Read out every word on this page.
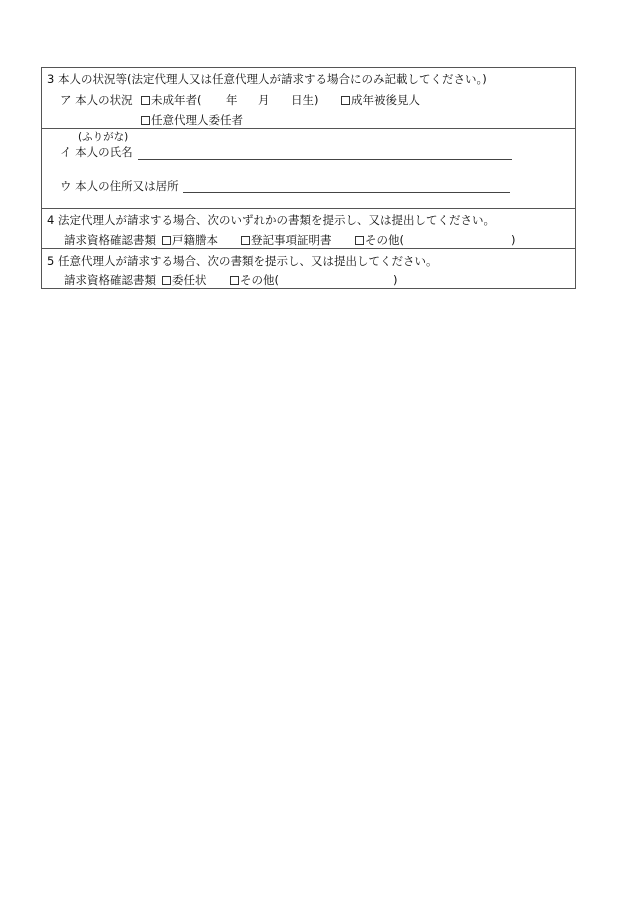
3 本人の状況等(法定代理人又は任意代理人が請求する場合にのみ記載してください。)
ア 本人の状況	未成年者( 年 月 日生)	成年被後見人
任意代理人委任者
(ふりがな)
イ 本人の氏名
ウ 本人の住所又は居所
4 法定代理人が請求する場合、次のいずれかの書類を提示し、又は提出してください。
請求資格確認書類	戸籍謄本	登記事項証明書	その他(	)
5 任意代理人が請求する場合、次の書類を提示し、又は提出してください。
請求資格確認書類	委任状	その他(	)
